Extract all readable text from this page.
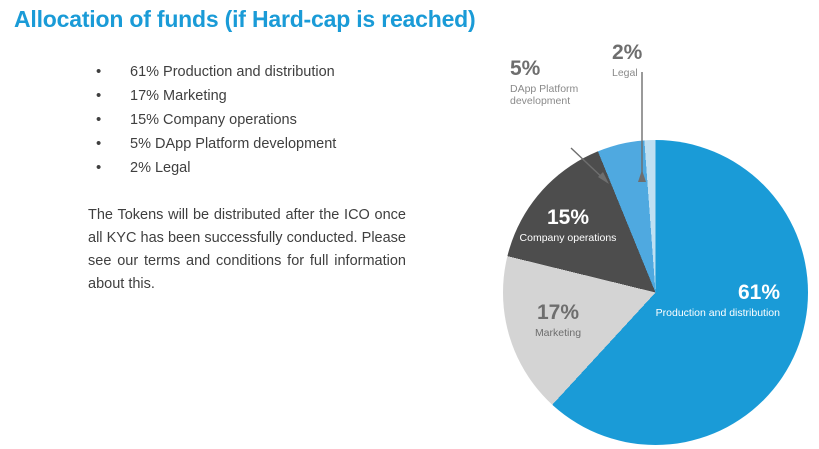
Allocation of funds (if Hard-cap is reached)
• 61% Production and distribution
• 17% Marketing
• 15% Company operations
• 5% DApp Platform development
• 2% Legal
The Tokens will be distributed after the ICO once all KYC has been successfully conducted. Please see our terms and conditions for full information about this.	61%
Production and distribution
17%
Marketing
15%
Company operations
5%
DApp Platform development
2%
Legal
